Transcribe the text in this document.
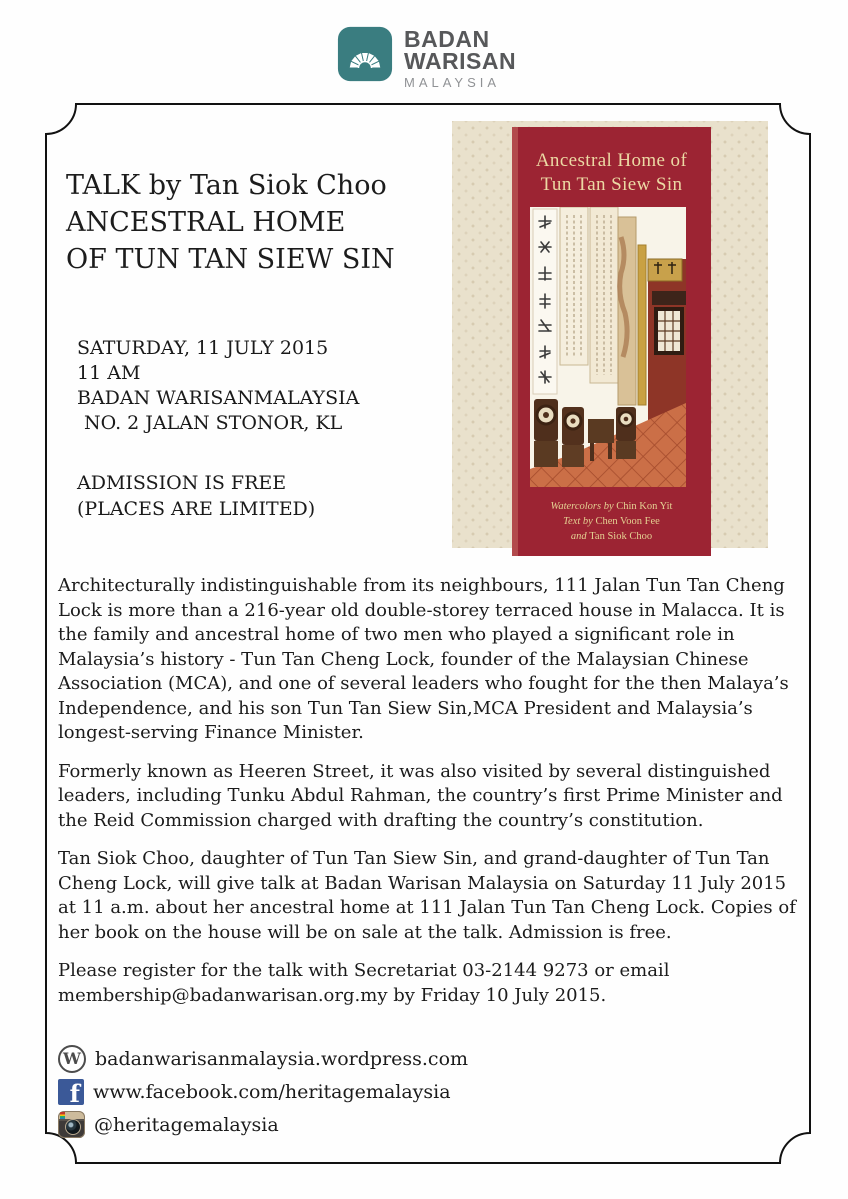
BADAN
WARISAN
MALAYSIA
TALK by Tan Siok Choo
ANCESTRAL HOME
OF TUN TAN SIEW SIN
SATURDAY, 11 JULY 2015
11 AM
BADAN WARISANMALAYSIA
NO. 2 JALAN STONOR, KL
ADMISSION IS FREE
(PLACES ARE LIMITED)
Ancestral Home of
Tun Tan Siew Sin
Watercolors by Chin Kon Yit
Text by Chen Voon Fee
and Tan Siok Choo

Architecturally indistinguishable from its neighbours, 111 Jalan Tun Tan Cheng Lock is more than a 216-year old double-storey terraced house in Malacca. It is the family and ancestral home of two men who played a significant role in Malaysia’s history - Tun Tan Cheng Lock, founder of the Malaysian Chinese Association (MCA), and one of several leaders who fought for the then Malaya’s Independence, and his son Tun Tan Siew Sin,MCA President and Malaysia’s longest-serving Finance Minister.

Formerly known as Heeren Street, it was also visited by several distinguished leaders, including Tunku Abdul Rahman, the country’s first Prime Minister and the Reid Commission charged with drafting the country’s constitution.

Tan Siok Choo, daughter of Tun Tan Siew Sin, and grand-daughter of Tun Tan Cheng Lock, will give talk at Badan Warisan Malaysia on Saturday 11 July 2015 at 11 a.m. about her ancestral home at 111 Jalan Tun Tan Cheng Lock. Copies of her book on the house will be on sale at the talk. Admission is free.

Please register for the talk with Secretariat 03-2144 9273 or email membership@badanwarisan.org.my by Friday 10 July 2015.

W badanwarisanmalaysia.wordpress.com
f www.facebook.com/heritagemalaysia
@heritagemalaysia
